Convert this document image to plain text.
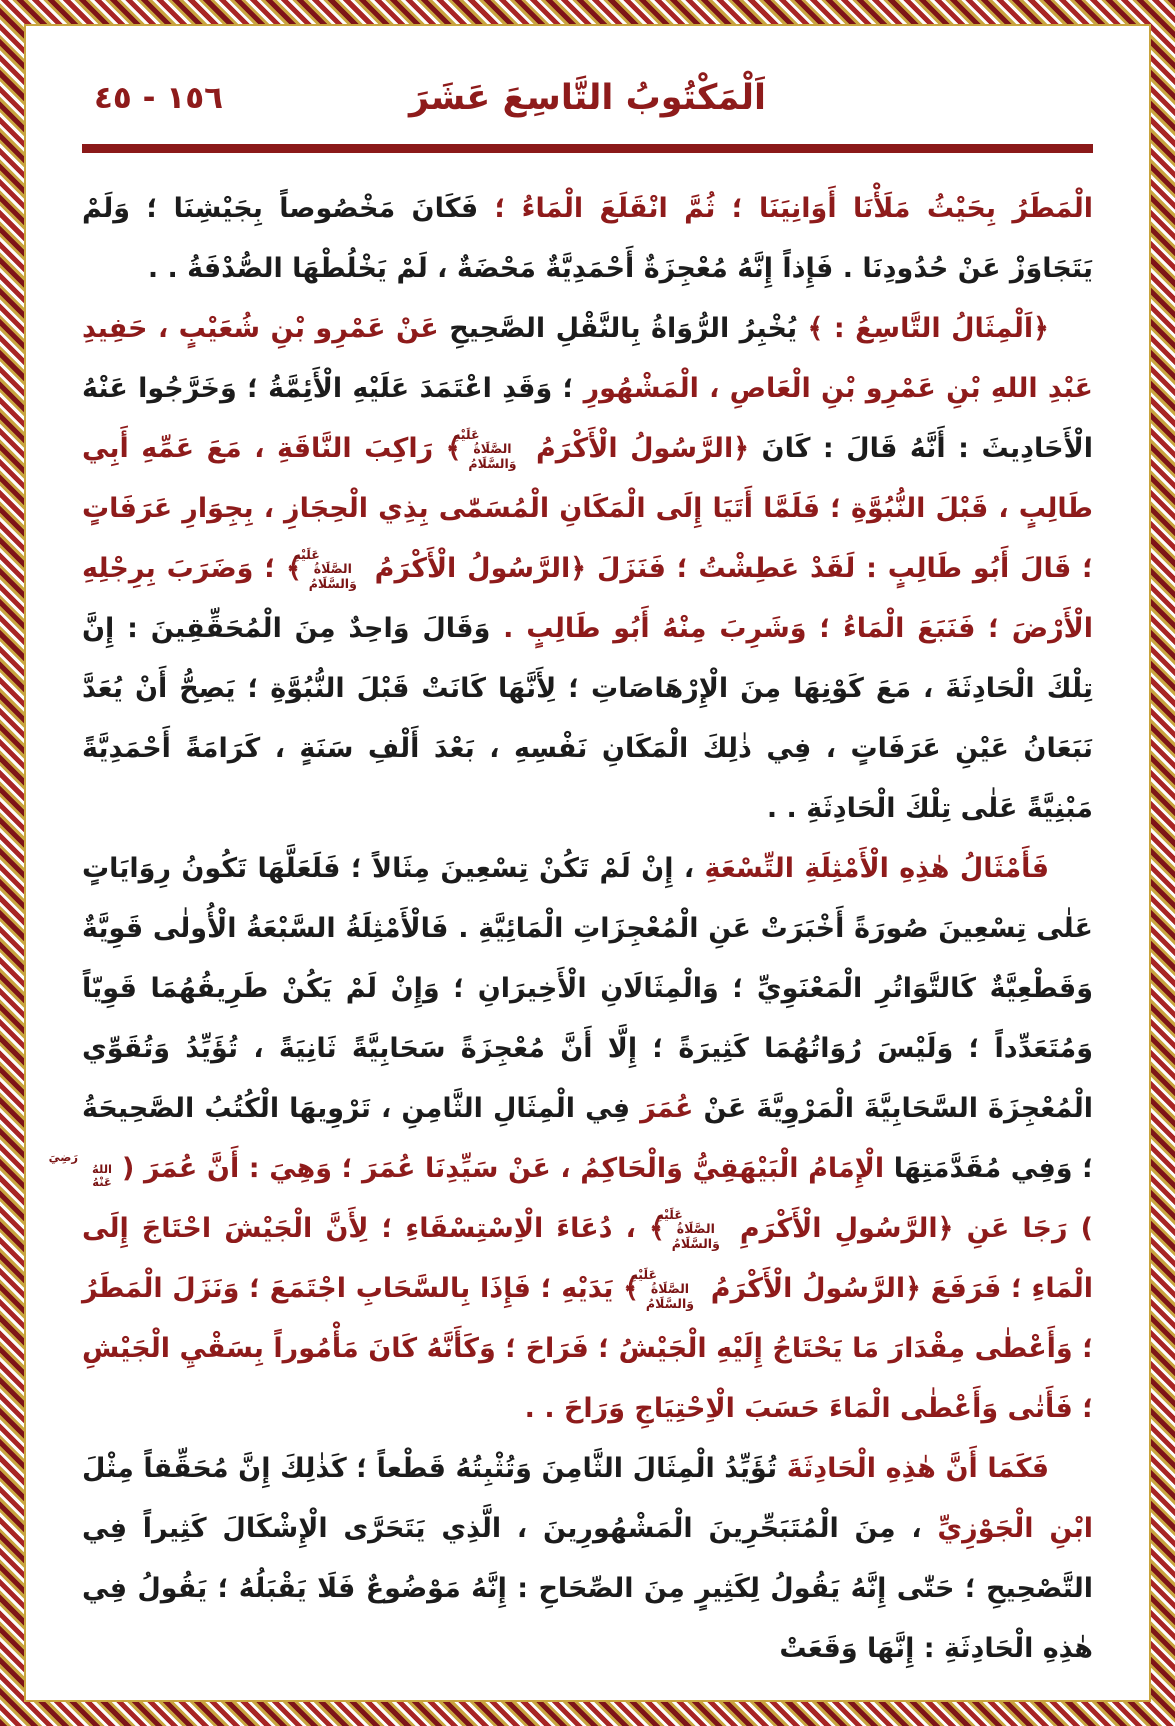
١٥٦ - ٤٥	اَلْمَكْتُوبُ التَّاسِعَ عَشَرَ

الْمَطَرُ بِحَيْثُ مَلَأْنَا أَوَانِيَنَا ؛ ثُمَّ انْقَلَعَ الْمَاءُ ؛ فَكَانَ مَخْصُوصاً بِجَيْشِنَا ؛ وَلَمْ يَتَجَاوَزْ عَنْ حُدُودِنَا . فَإِذاً إِنَّهُ مُعْجِزَةٌ أَحْمَدِيَّةٌ مَحْضَةٌ ، لَمْ يَخْلُطْهَا الصُّدْفَةُ . .

﴿اَلْمِثَالُ التَّاسِعُ : ﴾ يُخْبِرُ الرُّوَاةُ بِالنَّقْلِ الصَّحِيحِ عَنْ عَمْرِو بْنِ شُعَيْبٍ ، حَفِيدِ عَبْدِ اللهِ بْنِ عَمْرِو بْنِ الْعَاصِ ، الْمَشْهُورِ ؛ وَقَدِ اعْتَمَدَ عَلَيْهِ الْأَئِمَّةُ ؛ وَخَرَّجُوا عَنْهُ الْأَحَادِيثَ : أَنَّهُ قَالَ : كَانَ ﴿الرَّسُولُ الْأَكْرَمُ عَلَيْهِ الصَّلَاةُ وَالسَّلَامُ﴾ رَاكِبَ النَّاقَةِ ، مَعَ عَمِّهِ أَبِي طَالِبٍ ، قَبْلَ النُّبُوَّةِ ؛ فَلَمَّا أَتَيَا إِلَى الْمَكَانِ الْمُسَمّٰى بِذِي الْحِجَازِ ، بِجِوَارِ عَرَفَاتٍ ؛ قَالَ أَبُو طَالِبٍ : لَقَدْ عَطِشْتُ ؛ فَنَزَلَ ﴿الرَّسُولُ الْأَكْرَمُ عَلَيْهِ الصَّلَاةُ وَالسَّلَامُ﴾ ؛ وَضَرَبَ بِرِجْلِهِ الْأَرْضَ ؛ فَنَبَعَ الْمَاءُ ؛ وَشَرِبَ مِنْهُ أَبُو طَالِبٍ . وَقَالَ وَاحِدٌ مِنَ الْمُحَقِّقِينَ : إِنَّ تِلْكَ الْحَادِثَةَ ، مَعَ كَوْنِهَا مِنَ الْإِرْهَاصَاتِ ؛ لِأَنَّهَا كَانَتْ قَبْلَ النُّبُوَّةِ ؛ يَصِحُّ أَنْ يُعَدَّ نَبَعَانُ عَيْنِ عَرَفَاتٍ ، فِي ذٰلِكَ الْمَكَانِ نَفْسِهِ ، بَعْدَ أَلْفِ سَنَةٍ ، كَرَامَةً أَحْمَدِيَّةً مَبْنِيَّةً عَلٰى تِلْكَ الْحَادِثَةِ . .

فَأَمْثَالُ هٰذِهِ الْأَمْثِلَةِ التِّسْعَةِ ، إِنْ لَمْ تَكُنْ تِسْعِينَ مِثَالاً ؛ فَلَعَلَّهَا تَكُونُ رِوَايَاتٍ عَلٰى تِسْعِينَ صُورَةً أَخْبَرَتْ عَنِ الْمُعْجِزَاتِ الْمَائِيَّةِ . فَالْأَمْثِلَةُ السَّبْعَةُ الْأُولٰى قَوِيَّةٌ وَقَطْعِيَّةٌ كَالتَّوَاتُرِ الْمَعْنَوِيِّ ؛ وَالْمِثَالَانِ الْأَخِيرَانِ ؛ وَإِنْ لَمْ يَكُنْ طَرِيقُهُمَا قَوِيّاً وَمُتَعَدِّداً ؛ وَلَيْسَ رُوَاتُهُمَا كَثِيرَةً ؛ إِلَّا أَنَّ مُعْجِزَةً سَحَابِيَّةً ثَانِيَةً ، تُؤَيِّدُ وَتُقَوِّي الْمُعْجِزَةَ السَّحَابِيَّةَ الْمَرْوِيَّةَ عَنْ عُمَرَ فِي الْمِثَالِ الثَّامِنِ ، تَرْوِيهَا الْكُتُبُ الصَّحِيحَةُ ؛ وَفِي مُقَدَّمَتِهَا الْإِمَامُ الْبَيْهَقِيُّ وَالْحَاكِمُ ، عَنْ سَيِّدِنَا عُمَرَ ؛ وَهِيَ : أَنَّ عُمَرَ (رَضِيَ اللهُ عَنْهُ) رَجَا عَنِ ﴿الرَّسُولِ الْأَكْرَمِ عَلَيْهِ الصَّلَاةُ وَالسَّلَامُ﴾ ، دُعَاءَ الْاِسْتِسْقَاءِ ؛ لِأَنَّ الْجَيْشَ احْتَاجَ إِلَى الْمَاءِ ؛ فَرَفَعَ ﴿الرَّسُولُ الْأَكْرَمُ عَلَيْهِ الصَّلَاةُ وَالسَّلَامُ﴾ يَدَيْهِ ؛ فَإِذَا بِالسَّحَابِ اجْتَمَعَ ؛ وَنَزَلَ الْمَطَرُ ؛ وَأَعْطٰى مِقْدَارَ مَا يَحْتَاجُ إِلَيْهِ الْجَيْشُ ؛ فَرَاحَ ؛ وَكَأَنَّهُ كَانَ مَأْمُوراً بِسَقْيِ الْجَيْشِ ؛ فَأَتٰى وَأَعْطٰى الْمَاءَ حَسَبَ الْاِحْتِيَاجِ وَرَاحَ . .

فَكَمَا أَنَّ هٰذِهِ الْحَادِثَةَ تُؤَيِّدُ الْمِثَالَ الثَّامِنَ وَتُثْبِتُهُ قَطْعاً ؛ كَذٰلِكَ إِنَّ مُحَقِّقاً مِثْلَ ابْنِ الْجَوْزِيِّ ، مِنَ الْمُتَبَحِّرِينَ الْمَشْهُورِينَ ، الَّذِي يَتَحَرَّى الْإِشْكَالَ كَثِيراً فِي التَّصْحِيحِ ؛ حَتّٰى إِنَّهُ يَقُولُ لِكَثِيرٍ مِنَ الصِّحَاحِ : إِنَّهُ مَوْضُوعٌ فَلَا يَقْبَلُهُ ؛ يَقُولُ فِي هٰذِهِ الْحَادِثَةِ : إِنَّهَا وَقَعَتْ
